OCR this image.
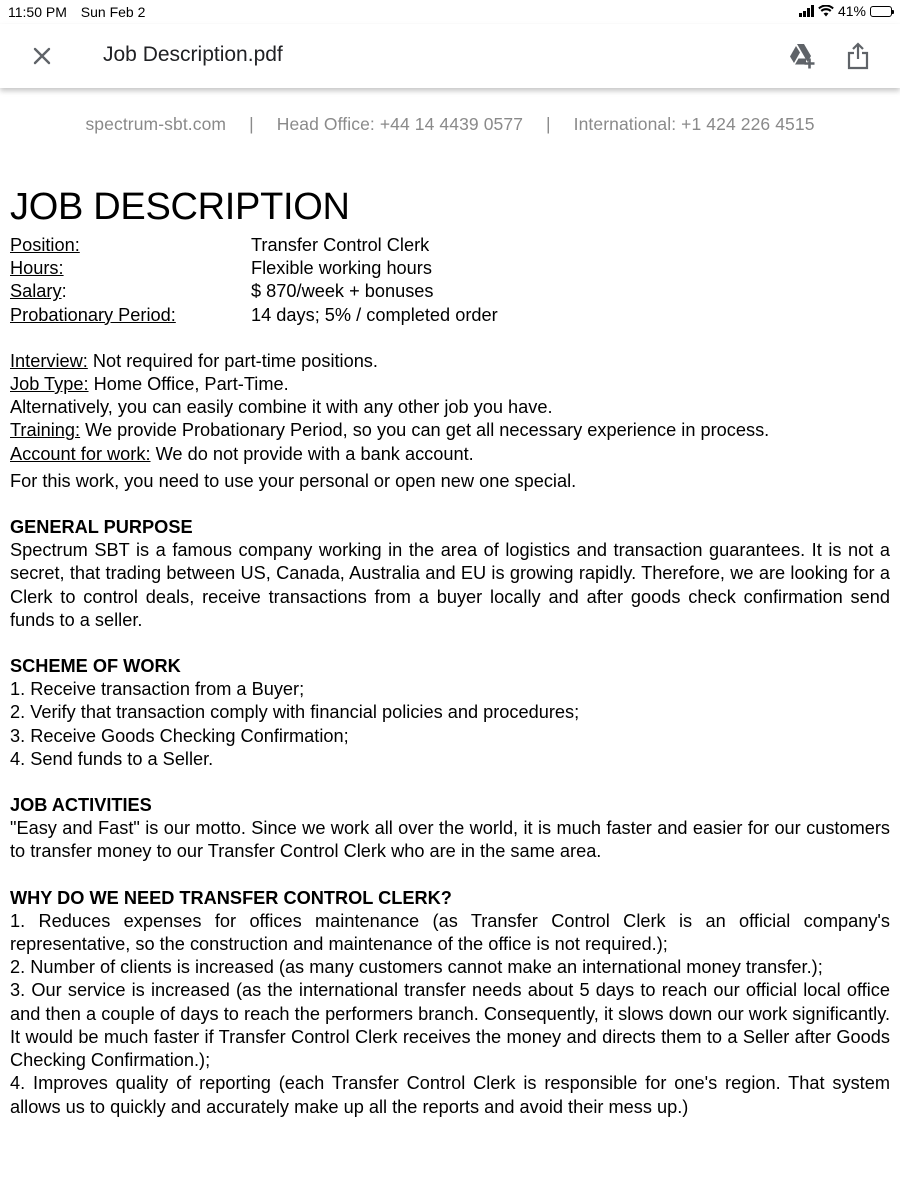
11:50 PM Sun Feb 2	41%
Job Description.pdf
spectrum-sbt.com | Head Office: +44 14 4439 0577 | International: +1 424 226 4515
JOB DESCRIPTION
Position:	Transfer Control Clerk
Hours:	Flexible working hours
Salary:	$ 870/week + bonuses
Probationary Period:	14 days; 5% / completed order
Interview: Not required for part-time positions.
Job Type: Home Office, Part-Time.
Alternatively, you can easily combine it with any other job you have.
Training: We provide Probationary Period, so you can get all necessary experience in process.
Account for work: We do not provide with a bank account.
For this work, you need to use your personal or open new one special.
GENERAL PURPOSE
Spectrum SBT is a famous company working in the area of logistics and transaction guarantees. It is not a secret, that trading between US, Canada, Australia and EU is growing rapidly. Therefore, we are looking for a Clerk to control deals, receive transactions from a buyer locally and after goods check confirmation send funds to a seller.
SCHEME OF WORK
1. Receive transaction from a Buyer;
2. Verify that transaction comply with financial policies and procedures;
3. Receive Goods Checking Confirmation;
4. Send funds to a Seller.
JOB ACTIVITIES
"Easy and Fast" is our motto. Since we work all over the world, it is much faster and easier for our customers to transfer money to our Transfer Control Clerk who are in the same area.
WHY DO WE NEED TRANSFER CONTROL CLERK?
1. Reduces expenses for offices maintenance (as Transfer Control Clerk is an official company's representative, so the construction and maintenance of the office is not required.);
2. Number of clients is increased (as many customers cannot make an international money transfer.);
3. Our service is increased (as the international transfer needs about 5 days to reach our official local office and then a couple of days to reach the performers branch. Consequently, it slows down our work significantly. It would be much faster if Transfer Control Clerk receives the money and directs them to a Seller after Goods Checking Confirmation.);
4. Improves quality of reporting (each Transfer Control Clerk is responsible for one's region. That system allows us to quickly and accurately make up all the reports and avoid their mess up.)
